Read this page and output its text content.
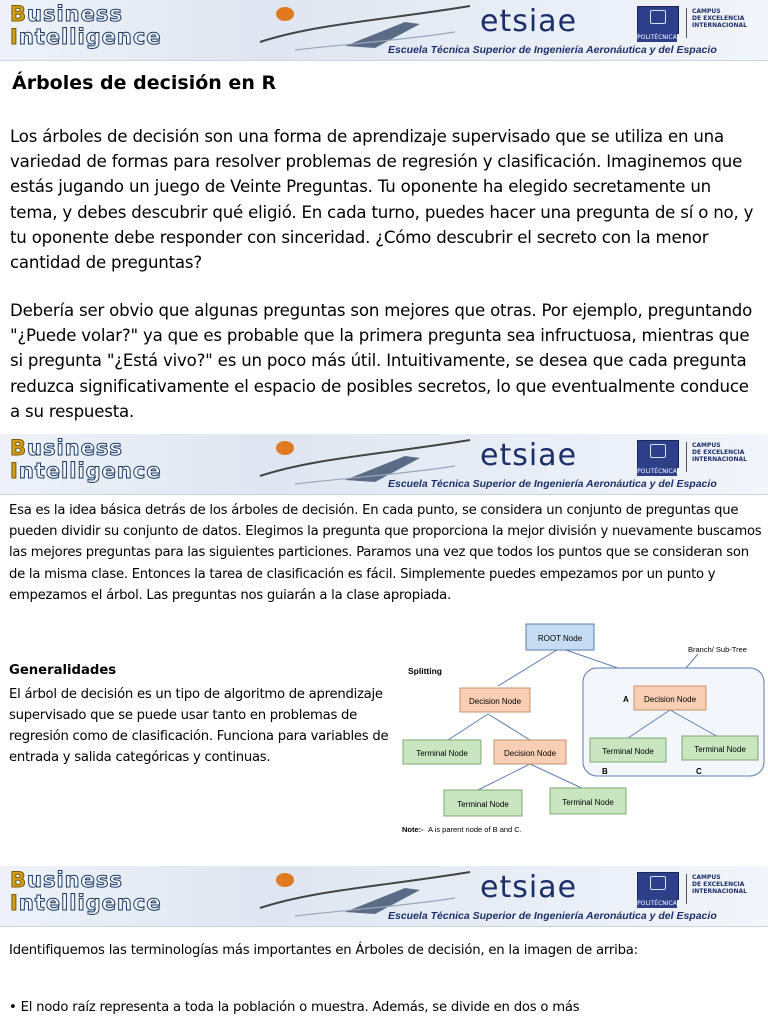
Business
Intelligence	etsiae	POLITÉCNICA
CAMPUS
DE EXCELENCIA
INTERNACIONAL
Escuela Técnica Superior de Ingeniería Aeronáutica y del Espacio
Árboles de decisión en R

Los árboles de decisión son una forma de aprendizaje supervisado que se utiliza en una variedad de formas para resolver problemas de regresión y clasificación. Imaginemos que estás jugando un juego de Veinte Preguntas. Tu oponente ha elegido secretamente un tema, y debes descubrir qué eligió. En cada turno, puedes hacer una pregunta de sí o no, y tu oponente debe responder con sinceridad. ¿Cómo descubrir el secreto con la menor cantidad de preguntas?

Debería ser obvio que algunas preguntas son mejores que otras. Por ejemplo, preguntando "¿Puede volar?" ya que es probable que la primera pregunta sea infructuosa, mientras que si pregunta "¿Está vivo?" es un poco más útil. Intuitivamente, se desea que cada pregunta reduzca significativamente el espacio de posibles secretos, lo que eventualmente conduce a su respuesta.

Business
Intelligence	etsiae	POLITÉCNICA
CAMPUS
DE EXCELENCIA
INTERNACIONAL
Escuela Técnica Superior de Ingeniería Aeronáutica y del Espacio

Esa es la idea básica detrás de los árboles de decisión. En cada punto, se considera un conjunto de preguntas que pueden dividir su conjunto de datos. Elegimos la pregunta que proporciona la mejor división y nuevamente buscamos las mejores preguntas para las siguientes particiones. Paramos una vez que todos los puntos que se consideran son de la misma clase. Entonces la tarea de clasificación es fácil. Simplemente puedes empezamos por un punto y empezamos el árbol. Las preguntas nos guiarán a la clase apropiada.

Generalidades

El árbol de decisión es un tipo de algoritmo de aprendizaje supervisado que se puede usar tanto en problemas de regresión como de clasificación. Funciona para variables de entrada y salida categóricas y continuas.

ROOT Node
Splitting
Branch/ Sub-Tree
Decision Node	A Decision Node
Terminal Node	Decision Node	Terminal Node
B
Terminal Node
C
Terminal Node	Terminal Node
Note:- A is parent node of B and C.
Business
Intelligence	etsiae	POLITÉCNICA
CAMPUS
DE EXCELENCIA
INTERNACIONAL
Escuela Técnica Superior de Ingeniería Aeronáutica y del Espacio

Identifiquemos las terminologías más importantes en Árboles de decisión, en la imagen de arriba:

• El nodo raíz representa a toda la población o muestra. Además, se divide en dos o más
